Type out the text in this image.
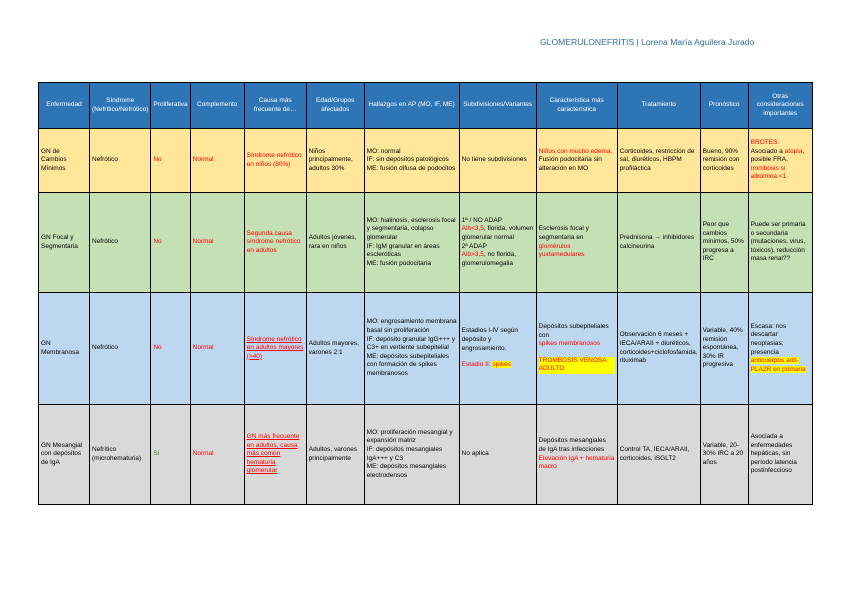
GLOMERULONEFRITIS | Lorena María Aguilera Jurado
Enfermedad	Síndrome (Nefrítico/Nefrótico)	Proliferativa	Complemento	Causa más frecuente de…	Edad/Grupos afectados	Hallazgos en AP (MO, IF, ME)	Subdivisiones/Variantes	Característica más característica	Tratamiento	Pronóstico	Otras consideraciones importantes
GN de Cambios Mínimos	Nefrótico	No	Normal	Síndrome nefrótico en niños (80%)	Niños principalmente, adultos 30%	MO: normal
IF: sin depósitos patológicos
ME: fusión difusa de podocitos	No tiene subdivisiones	Niños con mucho edema. Fusión podocitaria sin alteración en MO	Corticoides, restricción de sal, diuréticos, HBPM profiláctica	Bueno, 90% remisión con corticoides	BROTES.
Asociado a atopia, posible FRA, trombosis si albúmina <1
GN Focal y Segmentaria	Nefrótico	No	Normal	Segunda causa síndrome nefrótico en adultos	Adultos jóvenes, rara en niños	MO: hialinosis, esclerosis focal y segmentaria, colapso glomerular
IF: IgM granular en áreas escleróticas
ME: fusión podocitaria	1ª / NO ADAP
Alb<3,5, florida, volumen glomerular normal
2ª ADAP
Alb>3,5, no florida, glomerulomegalia	Esclerosis focal y segmentaria en glomérulos yuxtamedulares	Prednisona → inhibidores calcineurina	Peor que cambios mínimos, 50% progresa a IRC	Puede ser primaria o secundaria (mutaciones, virus, tóxicos), reducción masa renal??
GN Membranosa	Nefrótico	No	Normal	Síndrome nefrótico en adultos mayores (>40)	Adultos mayores, varones 2:1	MO: engrosamiento membrana basal sin proliferación
IF: depósito granular IgG+++ y C3+ en vertiente subepitelial
ME: depósitos subepiteliales con formación de spikes membranosos	Estadios I-IV según depósito y engrosamiento.
Estadio II: spikes	Depósitos subepiteliales con
spikes membranosos
TROMBOSIS VENOSA ADULTO	Observación 6 meses + IECA/ARAII + diuréticos, corticoides+ciclofosfamida, rituximab	Variable, 40% remisión espontánea, 30% IR progresiva	Escasa: nos descartar neoplasias; presencia
anticuerpos anti-PLA2R en primaria
GN Mesangial con depósitos de IgA	Nefrítico (microhematuria)	Sí	Normal	GN más frecuente en adultos, causa más común hematuria glomerular	Adultos, varones principalmente	MO: proliferación mesangial y expansión matriz
IF: depósitos mesangiales IgA+++ y C3
ME: depósitos mesangiales electrodensos	No aplica	Depósitos mesangiales de IgA tras infecciones
Elevación IgA + hematuria macro	Control TA, IECA/ARAII, corticoides, iSGLT2	Variable, 20-30% IRC a 20 años	Asociada a enfermedades hepáticas, sin período latencia postinfeccioso
